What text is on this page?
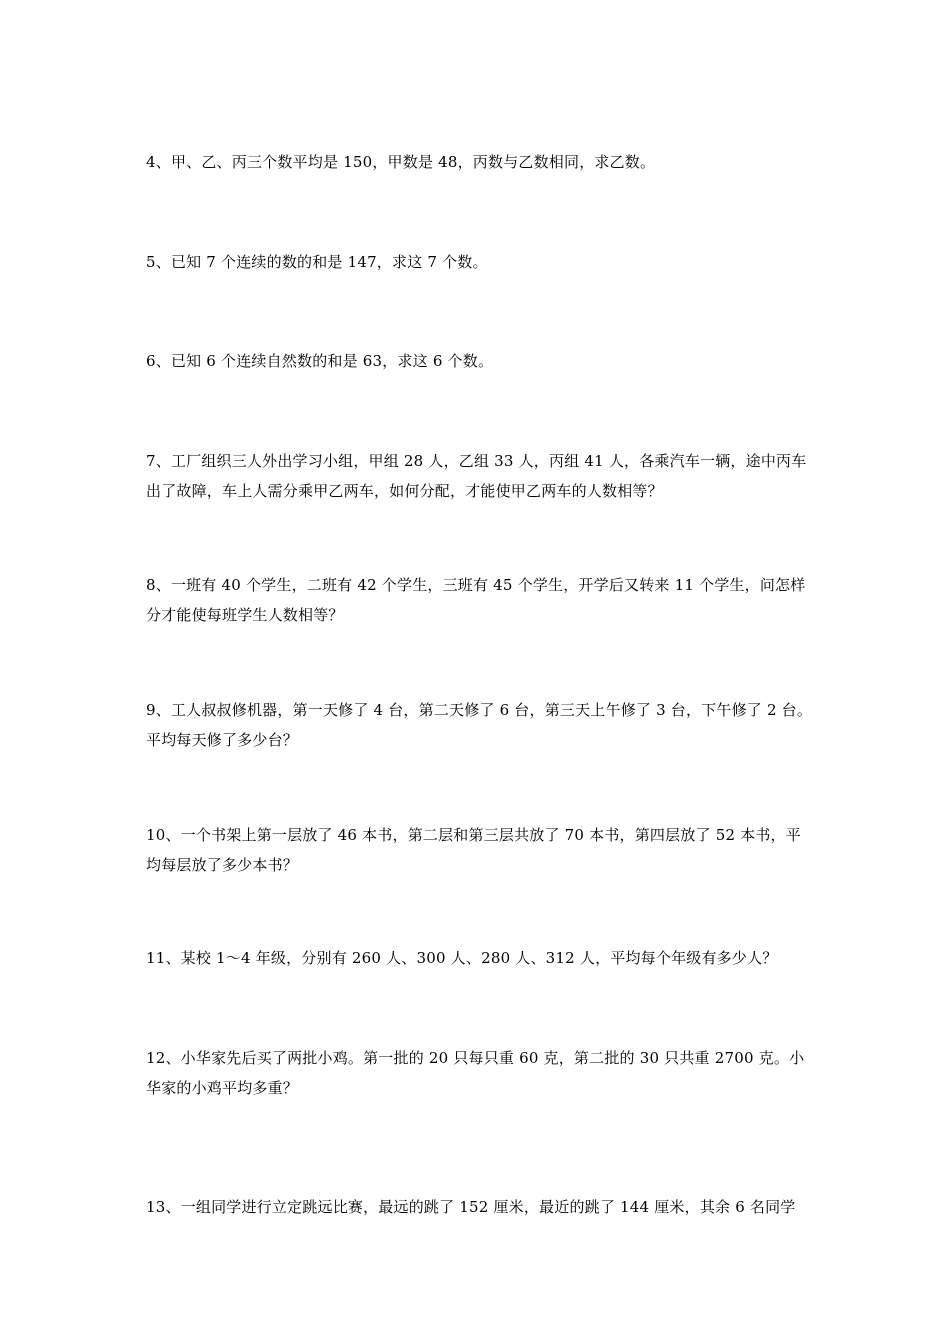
4、甲、乙、丙三个数平均是 150，甲数是 48，丙数与乙数相同，求乙数。

5、已知 7 个连续的数的和是 147，求这 7 个数。

6、已知 6 个连续自然数的和是 63，求这 6 个数。

7、工厂组织三人外出学习小组，甲组 28 人，乙组 33 人，丙组 41 人，各乘汽车一辆，途中丙车

出了故障，车上人需分乘甲乙两车，如何分配，才能使甲乙两车的人数相等？

8、一班有 40 个学生，二班有 42 个学生，三班有 45 个学生，开学后又转来 11 个学生，问怎样

分才能使每班学生人数相等？

9、工人叔叔修机器，第一天修了 4 台，第二天修了 6 台，第三天上午修了 3 台，下午修了 2 台。

平均每天修了多少台？

10、一个书架上第一层放了 46 本书，第二层和第三层共放了 70 本书，第四层放了 52 本书，平

均每层放了多少本书？

11、某校 1～4 年级，分别有 260 人、300 人、280 人、312 人，平均每个年级有多少人？

12、小华家先后买了两批小鸡。第一批的 20 只每只重 60 克，第二批的 30 只共重 2700 克。小

华家的小鸡平均多重？

13、一组同学进行立定跳远比赛，最远的跳了 152 厘米，最近的跳了 144 厘米，其余 6 名同学
